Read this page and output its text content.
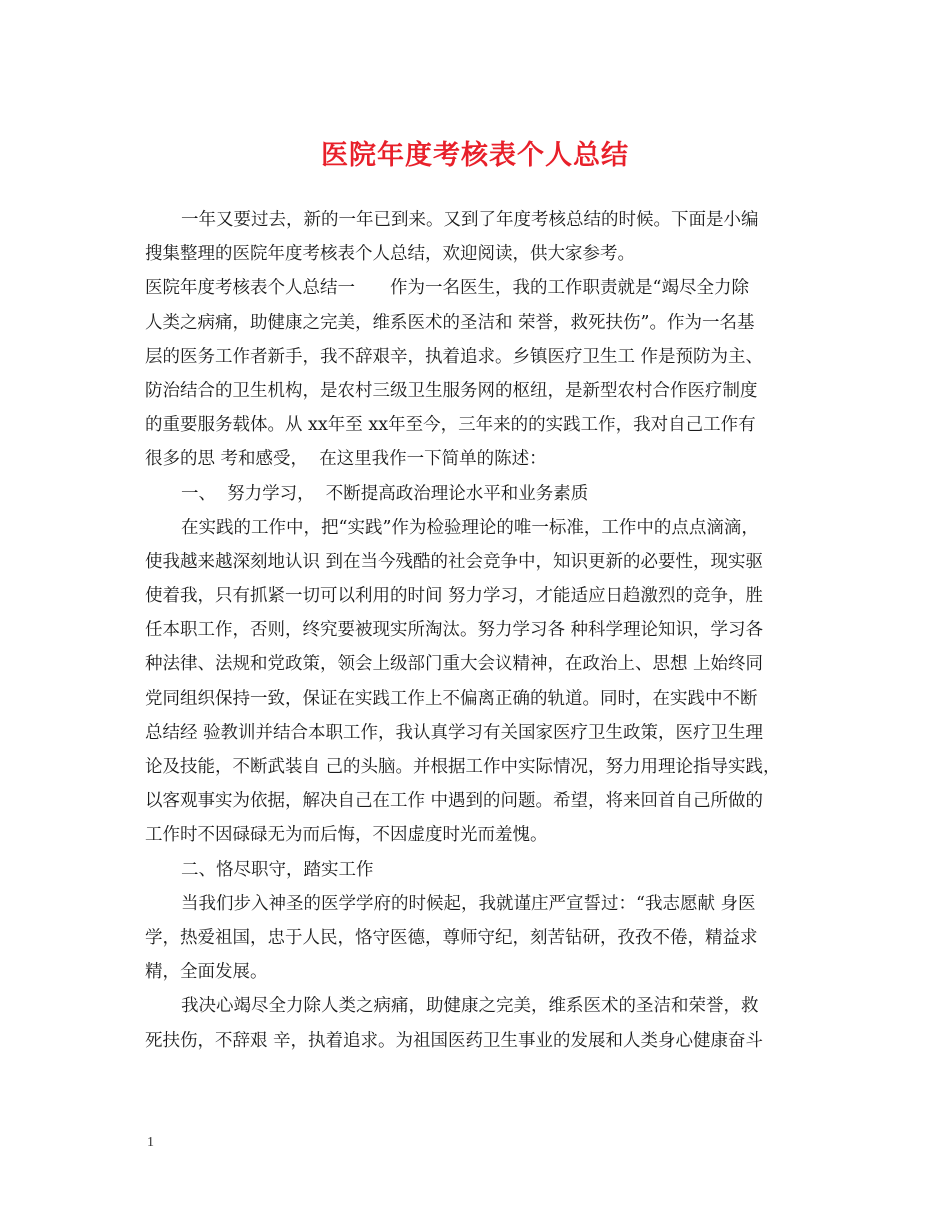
医院年度考核表个人总结
一年又要过去，新的一年已到来。又到了年度考核总结的时候。下面是小编
搜集整理的医院年度考核表个人总结，欢迎阅读，供大家参考。
医院年度考核表个人总结一　　作为一名医生，我的工作职责就是“竭尽全力除
人类之病痛，助健康之完美，维系医术的圣洁和 荣誉，救死扶伤”。作为一名基
层的医务工作者新手，我不辞艰辛，执着追求。乡镇医疗卫生工 作是预防为主、
防治结合的卫生机构，是农村三级卫生服务网的枢纽，是新型农村合作医疗制度
的重要服务载体。从 xx年至 xx年至今，三年来的的实践工作，我对自己工作有
很多的思 考和感受，  在这里我作一下简单的陈述：
一、  努力学习，  不断提高政治理论水平和业务素质
在实践的工作中，把“实践”作为检验理论的唯一标准，工作中的点点滴滴，
使我越来越深刻地认识 到在当今残酷的社会竞争中，知识更新的必要性，现实驱
使着我，只有抓紧一切可以利用的时间 努力学习，才能适应日趋激烈的竞争，胜
任本职工作，否则，终究要被现实所淘汰。努力学习各 种科学理论知识，学习各
种法律、法规和党政策，领会上级部门重大会议精神，在政治上、思想 上始终同
党同组织保持一致，保证在实践工作上不偏离正确的轨道。同时，在实践中不断
总结经 验教训并结合本职工作，我认真学习有关国家医疗卫生政策，医疗卫生理
论及技能，不断武装自 己的头脑。并根据工作中实际情况，努力用理论指导实践，
以客观事实为依据，解决自己在工作 中遇到的问题。希望，将来回首自己所做的
工作时不因碌碌无为而后悔，不因虚度时光而羞愧。
二、恪尽职守，踏实工作
当我们步入神圣的医学学府的时候起，我就谨庄严宣誓过：“我志愿献 身医
学，热爱祖国，忠于人民，恪守医德，尊师守纪，刻苦钻研，孜孜不倦，精益求
精，全面发展。
我决心竭尽全力除人类之病痛，助健康之完美，维系医术的圣洁和荣誉，救
死扶伤，不辞艰 辛，执着追求。为祖国医药卫生事业的发展和人类身心健康奋斗
1
